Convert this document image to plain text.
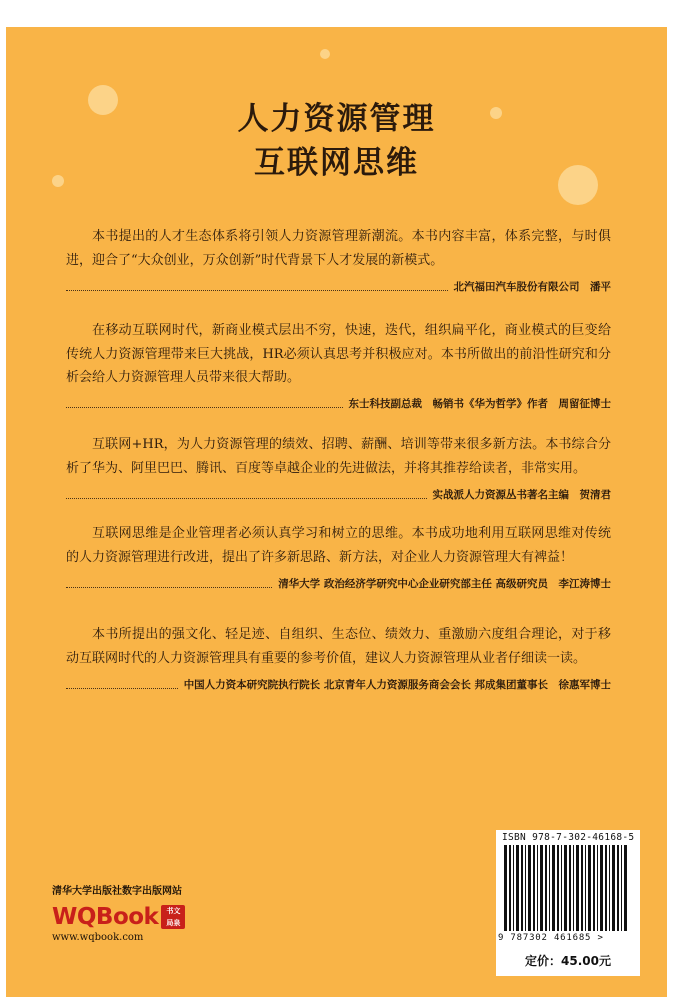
人力资源管理
互联网思维

本书提出的人才生态体系将引领人力资源管理新潮流。本书内容丰富，体系完整，与时俱进，迎合了“大众创业，万众创新”时代背景下人才发展的新模式。

北汽福田汽车股份有限公司　潘平

在移动互联网时代，新商业模式层出不穷，快速，迭代，组织扁平化，商业模式的巨变给传统人力资源管理带来巨大挑战，HR必须认真思考并积极应对。本书所做出的前沿性研究和分析会给人力资源管理人员带来很大帮助。

东士科技副总裁　畅销书《华为哲学》作者　周留征博士

互联网+HR，为人力资源管理的绩效、招聘、薪酬、培训等带来很多新方法。本书综合分析了华为、阿里巴巴、腾讯、百度等卓越企业的先进做法，并将其推荐给读者，非常实用。

实战派人力资源丛书著名主编　贺清君

互联网思维是企业管理者必须认真学习和树立的思维。本书成功地利用互联网思维对传统的人力资源管理进行改进，提出了许多新思路、新方法，对企业人力资源管理大有裨益！

清华大学 政治经济学研究中心企业研究部主任 高级研究员　李江涛博士

本书所提出的强文化、轻足迹、自组织、生态位、绩效力、重激励六度组合理论，对于移动互联网时代的人力资源管理具有重要的参考价值，建议人力资源管理从业者仔细读一读。

中国人力资本研究院执行院长 北京青年人力资源服务商会会长 邦成集团董事长　徐惠军博士
清华大学出版社数字出版网站
WQBook	书文
局泉
www.wqbook.com
ISBN 978-7-302-46168-5
9 787302 461685 >
定价：45.00元
